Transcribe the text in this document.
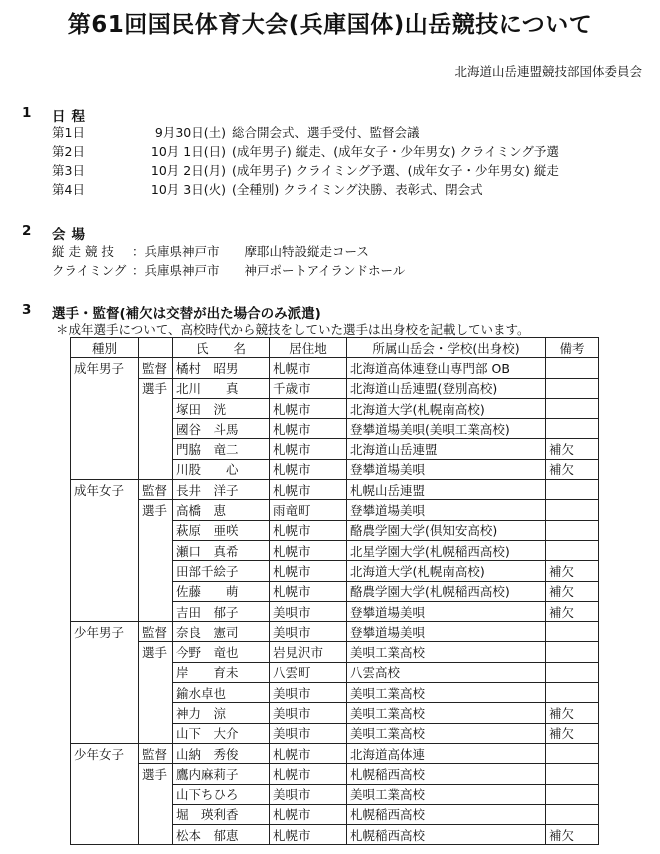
第61回国民体育大会(兵庫国体)山岳競技について
北海道山岳連盟競技部国体委員会
1 日程
第1日	9月30日(土) 総合開会式、選手受付、監督会議
第2日	10月 1日(日) (成年男子) 縦走、(成年女子・少年男女) クライミング予選
第3日	10月 2日(月) (成年男子) クライミング予選、(成年女子・少年男女) 縦走
第4日	10月 3日(火) (全種別) クライミング決勝、表彰式、閉会式
2 会場
縦 走 競 技 ：兵庫県神戸市 摩耶山特設縦走コース
クライミング ：兵庫県神戸市 神戸ポートアイランドホール
3 選手・監督(補欠は交替が出た場合のみ派遣)
＊成年選手について、高校時代から競技をしていた選手は出身校を記載しています。
種別		氏　　名	居住地	所属山岳会・学校(出身校)	備考
成年男子	監督	橘村　昭男	札幌市	北海道高体連登山専門部 OB	
	選手	北川　　真	千歳市	北海道山岳連盟(登別高校)	
		塚田　洸	札幌市	北海道大学(札幌南高校)	
		國谷　斗馬	札幌市	登攀道場美唄(美唄工業高校)	
		門脇　竜二	札幌市	北海道山岳連盟	補欠
		川股　　心	札幌市	登攀道場美唄	補欠
成年女子	監督	長井　洋子	札幌市	札幌山岳連盟	
	選手	高橋　恵	雨竜町	登攀道場美唄	
		萩原　亜咲	札幌市	酪農学園大学(倶知安高校)	
		瀬口　真希	札幌市	北星学園大学(札幌稲西高校)	
		田部千絵子	札幌市	北海道大学(札幌南高校)	補欠
		佐藤　　萌	札幌市	酪農学園大学(札幌稲西高校)	補欠
		吉田　郁子	美唄市	登攀道場美唄	補欠
少年男子	監督	奈良　憲司	美唄市	登攀道場美唄	
	選手	今野　竜也	岩見沢市	美唄工業高校	
		岸　　育未	八雲町	八雲高校	
		鍮水卓也	美唄市	美唄工業高校	
		神力　涼	美唄市	美唄工業高校	補欠
		山下　大介	美唄市	美唄工業高校	補欠
少年女子	監督	山納　秀俊	札幌市	北海道高体連	
	選手	鷹内麻莉子	札幌市	札幌稲西高校	
		山下ちひろ	美唄市	美唄工業高校	
		堀　瑛利香	札幌市	札幌稲西高校	
		松本　郁恵	札幌市	札幌稲西高校	補欠
